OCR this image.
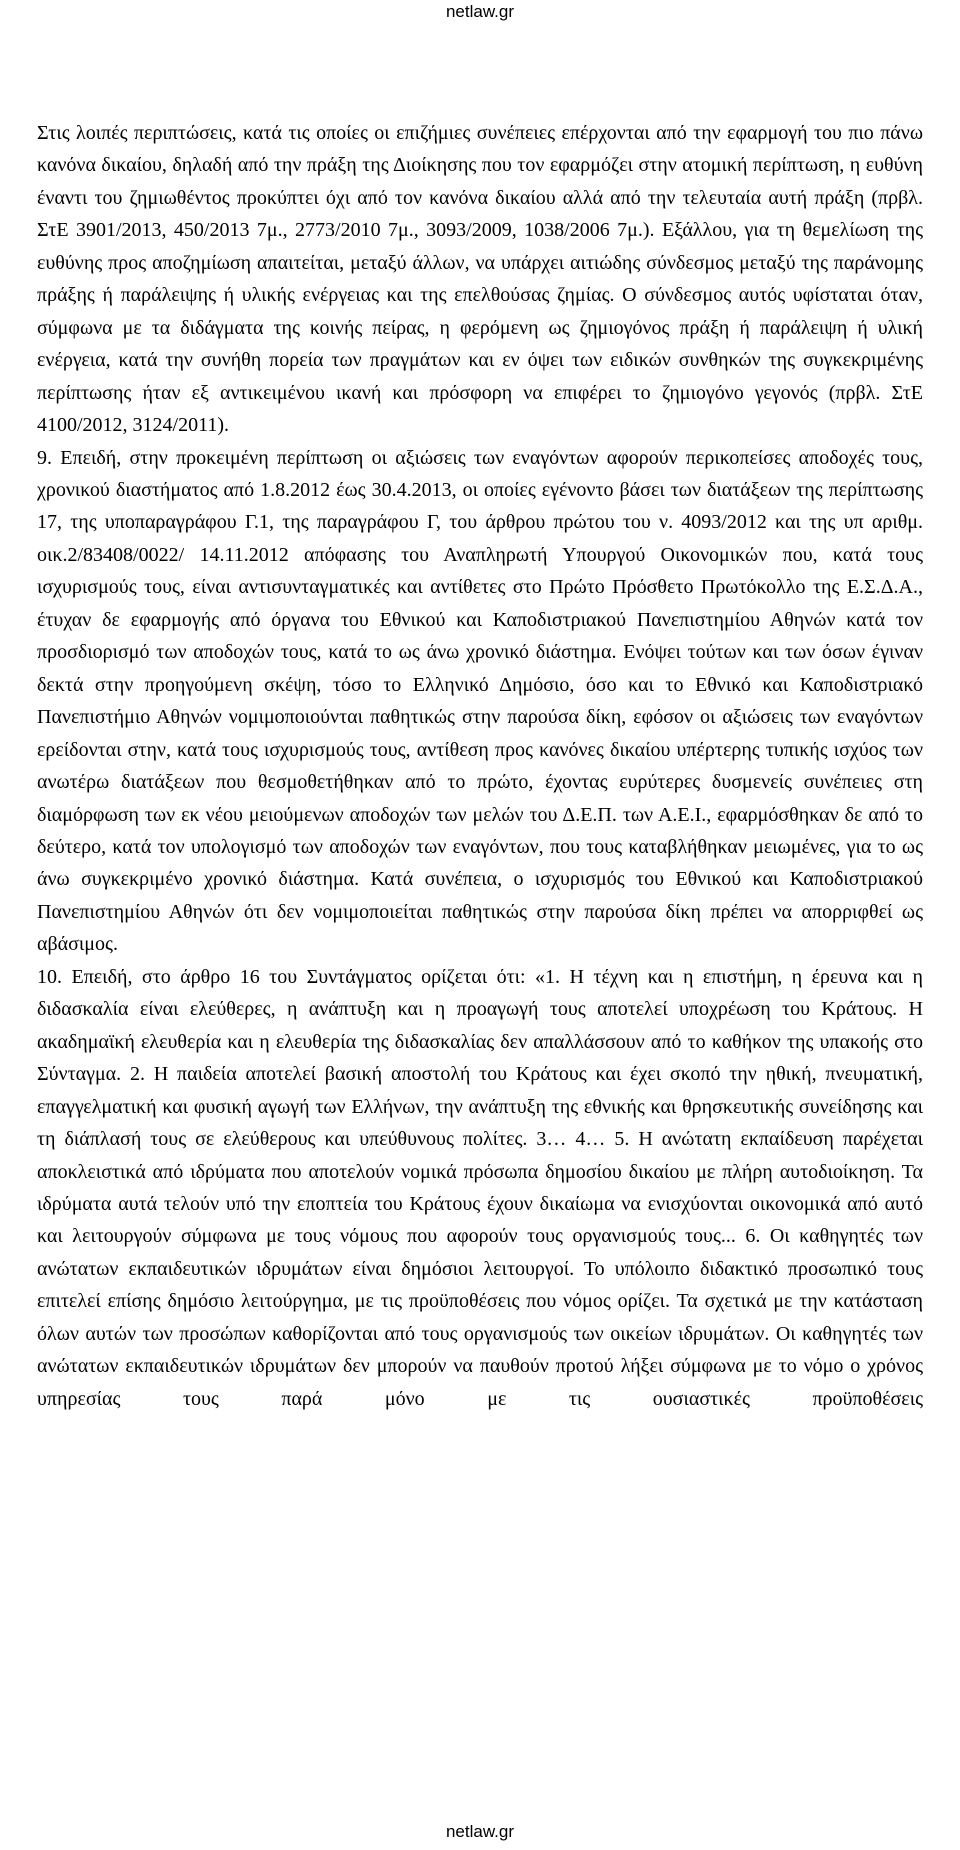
netlaw.gr

Στις λοιπές περιπτώσεις, κατά τις οποίες οι επιζήμιες συνέπειες επέρχονται από την εφαρμογή του πιο πάνω κανόνα δικαίου, δηλαδή από την πράξη της Διοίκησης που τον εφαρμόζει στην ατομική περίπτωση, η ευθύνη έναντι του ζημιωθέντος προκύπτει όχι από τον κανόνα δικαίου αλλά από την τελευταία αυτή πράξη (πρβλ. ΣτΕ 3901/2013, 450/2013 7μ., 2773/2010 7μ., 3093/2009, 1038/2006 7μ.). Εξάλλου, για τη θεμελίωση της ευθύνης προς αποζημίωση απαιτείται, μεταξύ άλλων, να υπάρχει αιτιώδης σύνδεσμος μεταξύ της παράνομης πράξης ή παράλειψης ή υλικής ενέργειας και της επελθούσας ζημίας. Ο σύνδεσμος αυτός υφίσταται όταν, σύμφωνα με τα διδάγματα της κοινής πείρας, η φερόμενη ως ζημιογόνος πράξη ή παράλειψη ή υλική ενέργεια, κατά την συνήθη πορεία των πραγμάτων και εν όψει των ειδικών συνθηκών της συγκεκριμένης περίπτωσης ήταν εξ αντικειμένου ικανή και πρόσφορη να επιφέρει το ζημιογόνο γεγονός (πρβλ. ΣτΕ 4100/2012, 3124/2011).

9. Επειδή, στην προκειμένη περίπτωση οι αξιώσεις των εναγόντων αφορούν περικοπείσες αποδοχές τους, χρονικού διαστήματος από 1.8.2012 έως 30.4.2013, οι οποίες εγένοντο βάσει των διατάξεων της περίπτωσης 17, της υποπαραγράφου Γ.1, της παραγράφου Γ, του άρθρου πρώτου του ν. 4093/2012 και της υπ αριθμ. οικ.2/83408/0022/ 14.11.2012 απόφασης του Αναπληρωτή Υπουργού Οικονομικών που, κατά τους ισχυρισμούς τους, είναι αντισυνταγματικές και αντίθετες στο Πρώτο Πρόσθετο Πρωτόκολλο της Ε.Σ.Δ.Α., έτυχαν δε εφαρμογής από όργανα του Εθνικού και Καποδιστριακού Πανεπιστημίου Αθηνών κατά τον προσδιορισμό των αποδοχών τους, κατά το ως άνω χρονικό διάστημα. Ενόψει τούτων και των όσων έγιναν δεκτά στην προηγούμενη σκέψη, τόσο το Ελληνικό Δημόσιο, όσο και το Εθνικό και Καποδιστριακό Πανεπιστήμιο Αθηνών νομιμοποιούνται παθητικώς στην παρούσα δίκη, εφόσον οι αξιώσεις των εναγόντων ερείδονται στην, κατά τους ισχυρισμούς τους, αντίθεση προς κανόνες δικαίου υπέρτερης τυπικής ισχύος των ανωτέρω διατάξεων που θεσμοθετήθηκαν από το πρώτο, έχοντας ευρύτερες δυσμενείς συνέπειες στη διαμόρφωση των εκ νέου μειούμενων αποδοχών των μελών του Δ.Ε.Π. των Α.Ε.Ι., εφαρμόσθηκαν δε από το δεύτερο, κατά τον υπολογισμό των αποδοχών των εναγόντων, που τους καταβλήθηκαν μειωμένες, για το ως άνω συγκεκριμένο χρονικό διάστημα. Κατά συνέπεια, ο ισχυρισμός του Εθνικού και Καποδιστριακού Πανεπιστημίου Αθηνών ότι δεν νομιμοποιείται παθητικώς στην παρούσα δίκη πρέπει να απορριφθεί ως αβάσιμος.

10. Επειδή, στο άρθρο 16 του Συντάγματος ορίζεται ότι: «1. Η τέχνη και η επιστήμη, η έρευνα και η διδασκαλία είναι ελεύθερες, η ανάπτυξη και η προαγωγή τους αποτελεί υποχρέωση του Κράτους. Η ακαδημαϊκή ελευθερία και η ελευθερία της διδασκαλίας δεν απαλλάσσουν από το καθήκον της υπακοής στο Σύνταγμα. 2. Η παιδεία αποτελεί βασική αποστολή του Κράτους και έχει σκοπό την ηθική, πνευματική, επαγγελματική και φυσική αγωγή των Ελλήνων, την ανάπτυξη της εθνικής και θρησκευτικής συνείδησης και τη διάπλασή τους σε ελεύθερους και υπεύθυνους πολίτες. 3… 4… 5. Η ανώτατη εκπαίδευση παρέχεται αποκλειστικά από ιδρύματα που αποτελούν νομικά πρόσωπα δημοσίου δικαίου με πλήρη αυτοδιοίκηση. Τα ιδρύματα αυτά τελούν υπό την εποπτεία του Κράτους έχουν δικαίωμα να ενισχύονται οικονομικά από αυτό και λειτουργούν σύμφωνα με τους νόμους που αφορούν τους οργανισμούς τους... 6. Οι καθηγητές των ανώτατων εκπαιδευτικών ιδρυμάτων είναι δημόσιοι λειτουργοί. Το υπόλοιπο διδακτικό προσωπικό τους επιτελεί επίσης δημόσιο λειτούργημα, με τις προϋποθέσεις που νόμος ορίζει. Τα σχετικά με την κατάσταση όλων αυτών των προσώπων καθορίζονται από τους οργανισμούς των οικείων ιδρυμάτων. Οι καθηγητές των ανώτατων εκπαιδευτικών ιδρυμάτων δεν μπορούν να παυθούν προτού λήξει σύμφωνα με το νόμο ο χρόνος υπηρεσίας τους παρά μόνο με τις ουσιαστικές προϋποθέσεις

netlaw.gr
